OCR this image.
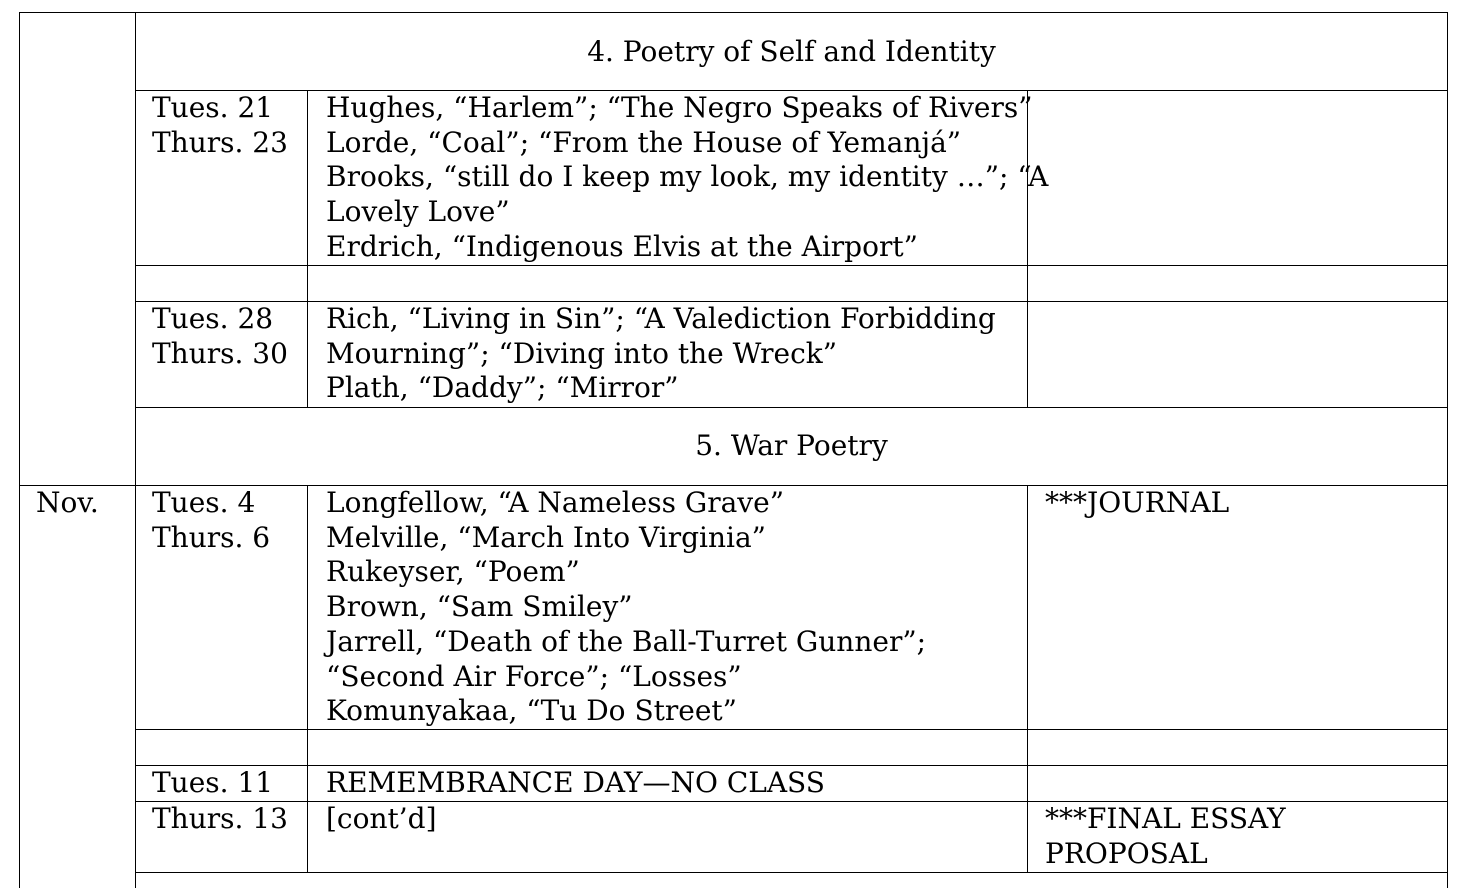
4. Poetry of Self and Identity
Tues. 21
Thurs. 23
Hughes, “Harlem”; “The Negro Speaks of Rivers”
Lorde, “Coal”; “From the House of Yemanjá”
Brooks, “still do I keep my look, my identity …”; “A
Lovely Love”
Erdrich, “Indigenous Elvis at the Airport”
Tues. 28
Thurs. 30
Rich, “Living in Sin”; “A Valediction Forbidding
Mourning”; “Diving into the Wreck”
Plath, “Daddy”; “Mirror”
5. War Poetry
Nov. Tues. 4
Thurs. 6
Longfellow, “A Nameless Grave”
Melville, “March Into Virginia”
Rukeyser, “Poem”
Brown, “Sam Smiley”
Jarrell, “Death of the Ball-Turret Gunner”;
“Second Air Force”; “Losses”
Komunyakaa, “Tu Do Street”
***JOURNAL
Tues. 11 REMEMBRANCE DAY—NO CLASS
Thurs. 13 [cont’d]	***FINAL ESSAY
PROPOSAL
